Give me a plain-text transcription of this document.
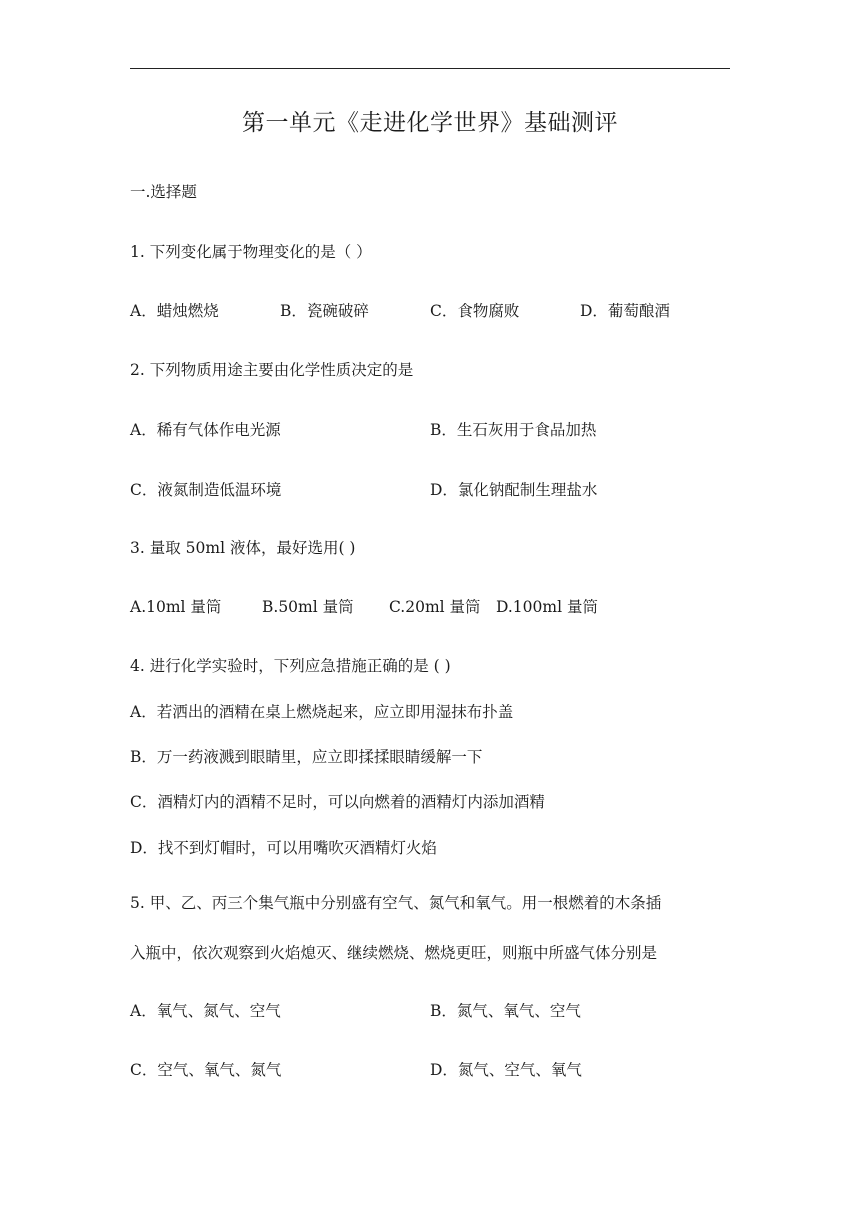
第一单元《走进化学世界》基础测评
一.选择题
1. 下列变化属于物理变化的是（ ）
A．蜡烛燃烧	B．瓷碗破碎	C．食物腐败	D．葡萄酿酒
2. 下列物质用途主要由化学性质决定的是
A．稀有气体作电光源	B．生石灰用于食品加热
C．液氮制造低温环境	D．氯化钠配制生理盐水
3. 量取 50ml 液体，最好选用( )
A.10ml 量筒	B.50ml 量筒 C.20ml 量筒 D.100ml 量筒
4. 进行化学实验时，下列应急措施正确的是 ( )
A．若洒出的酒精在桌上燃烧起来，应立即用湿抹布扑盖
B．万一药液溅到眼睛里，应立即揉揉眼睛缓解一下
C．酒精灯内的酒精不足时，可以向燃着的酒精灯内添加酒精
D．找不到灯帽时，可以用嘴吹灭酒精灯火焰
5. 甲、乙、丙三个集气瓶中分别盛有空气、氮气和氧气。用一根燃着的木条插
入瓶中，依次观察到火焰熄灭、继续燃烧、燃烧更旺，则瓶中所盛气体分别是
A．氧气、氮气、空气	B．氮气、氧气、空气
C．空气、氧气、氮气	D．氮气、空气、氧气
